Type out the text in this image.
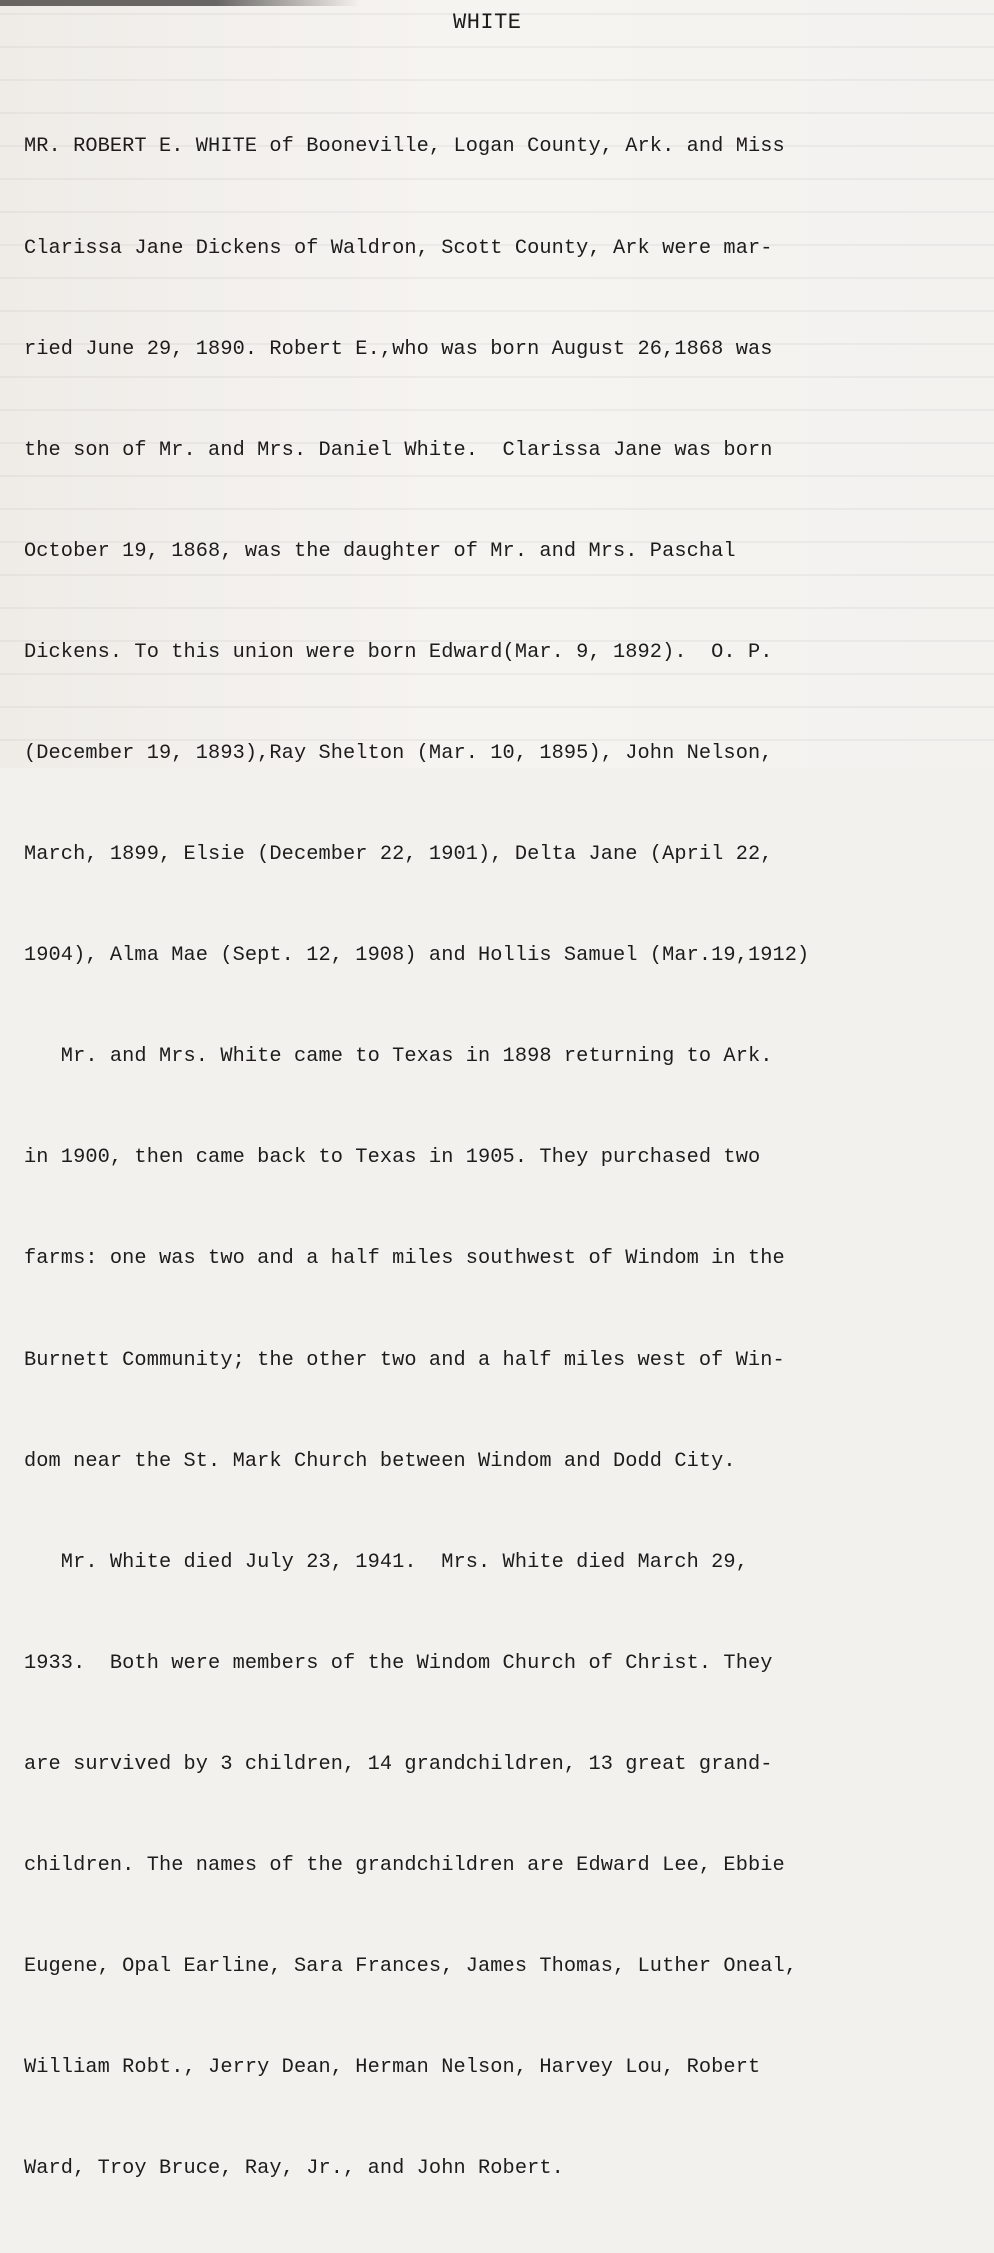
WHITE

MR. ROBERT E. WHITE of Booneville, Logan County, Ark. and Miss

Clarissa Jane Dickens of Waldron, Scott County, Ark were mar-

ried June 29, 1890. Robert E.,who was born August 26,1868 was

the son of Mr. and Mrs. Daniel White.  Clarissa Jane was born

October 19, 1868, was the daughter of Mr. and Mrs. Paschal

Dickens. To this union were born Edward(Mar. 9, 1892).  O. P.

(December 19, 1893),Ray Shelton (Mar. 10, 1895), John Nelson,

March, 1899, Elsie (December 22, 1901), Delta Jane (April 22,

1904), Alma Mae (Sept. 12, 1908) and Hollis Samuel (Mar.19,1912)

Mr. and Mrs. White came to Texas in 1898 returning to Ark.

in 1900, then came back to Texas in 1905. They purchased two

farms: one was two and a half miles southwest of Windom in the

Burnett Community; the other two and a half miles west of Win-

dom near the St. Mark Church between Windom and Dodd City.

Mr. White died July 23, 1941.  Mrs. White died March 29,

1933.  Both were members of the Windom Church of Christ. They

are survived by 3 children, 14 grandchildren, 13 great grand-

children. The names of the grandchildren are Edward Lee, Ebbie

Eugene, Opal Earline, Sara Frances, James Thomas, Luther Oneal,

William Robt., Jerry Dean, Herman Nelson, Harvey Lou, Robert

Ward, Troy Bruce, Ray, Jr., and John Robert.
